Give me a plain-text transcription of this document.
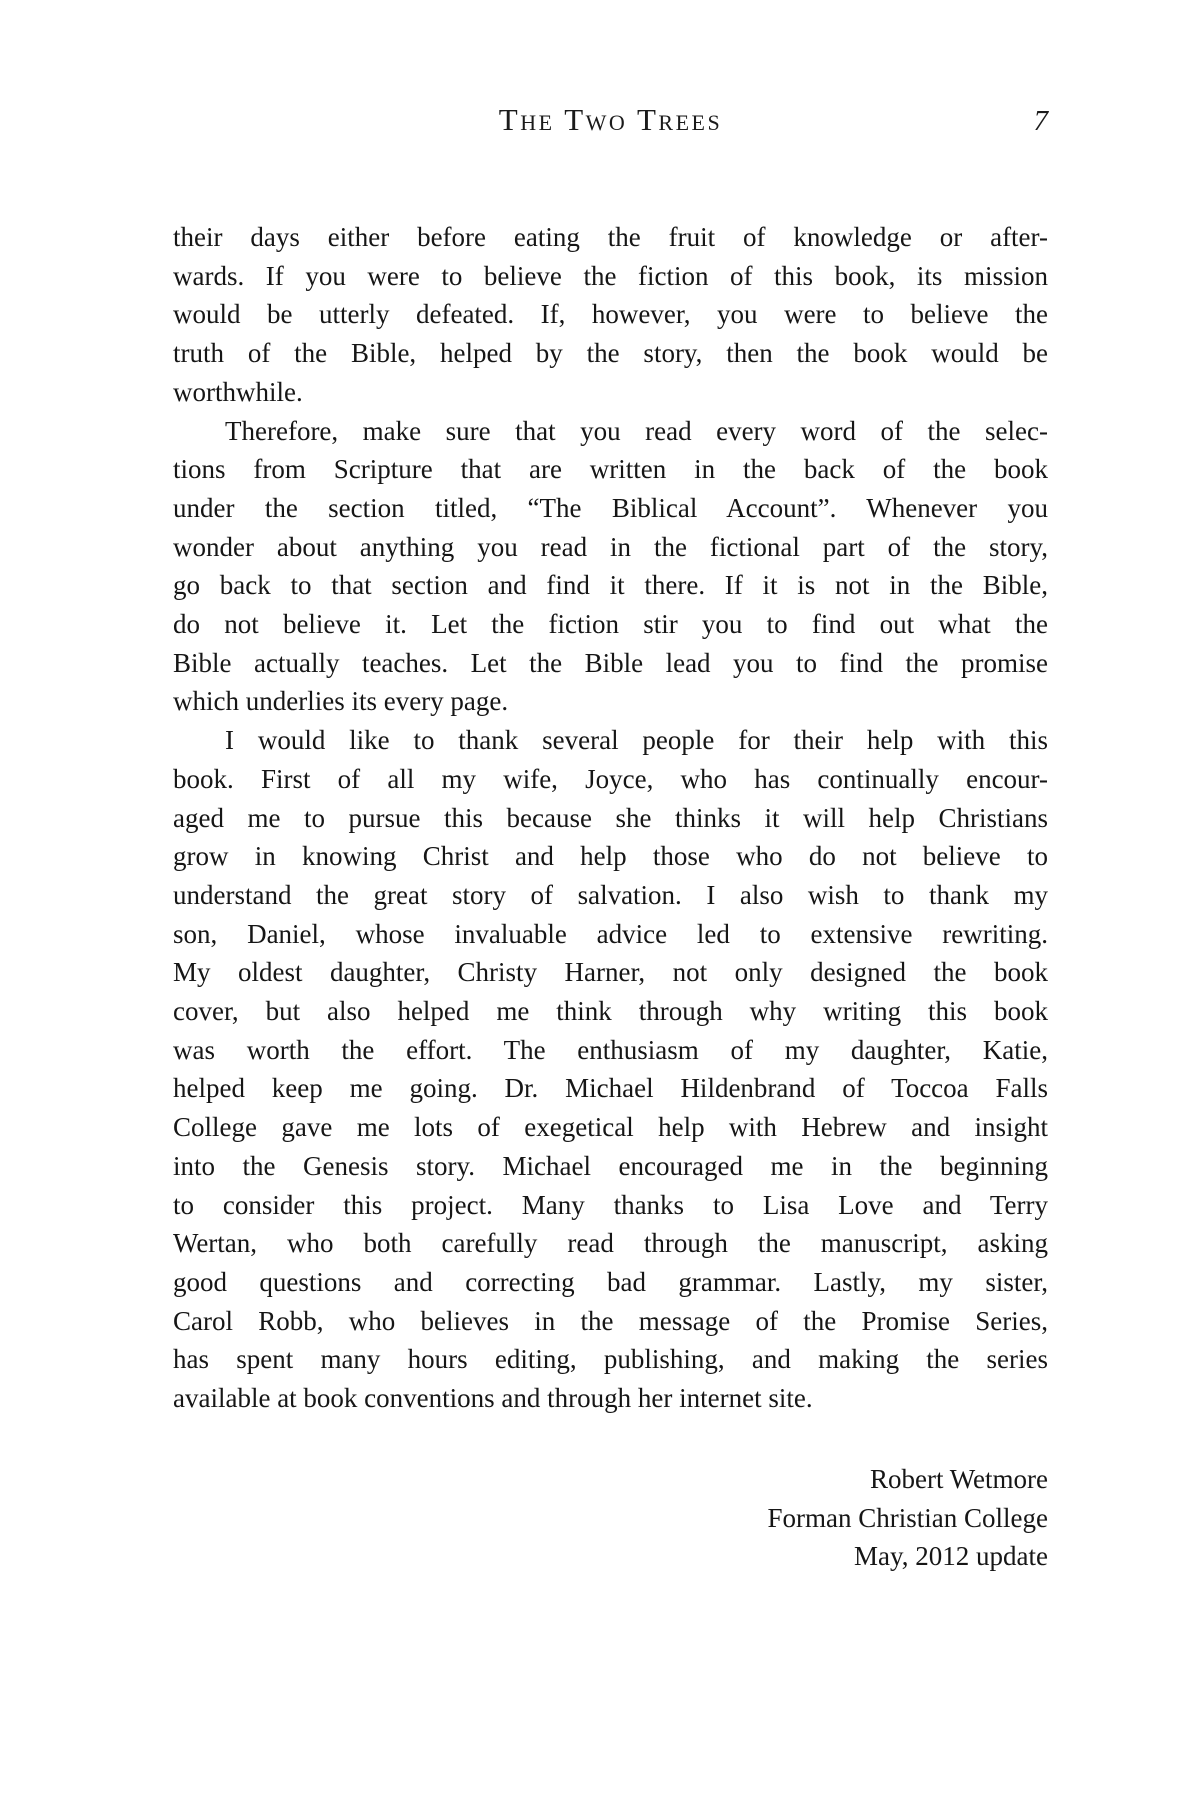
The Two Trees	7
their days either before eating the fruit of knowledge or after-
wards. If you were to believe the fiction of this book, its mission
would be utterly defeated. If, however, you were to believe the
truth of the Bible, helped by the story, then the book would be
worthwhile.
Therefore, make sure that you read every word of the selec-
tions from Scripture that are written in the back of the book
under the section titled, “The Biblical Account”. Whenever you
wonder about anything you read in the fictional part of the story,
go back to that section and find it there. If it is not in the Bible,
do not believe it. Let the fiction stir you to find out what the
Bible actually teaches. Let the Bible lead you to find the promise
which underlies its every page.
I would like to thank several people for their help with this
book. First of all my wife, Joyce, who has continually encour-
aged me to pursue this because she thinks it will help Christians
grow in knowing Christ and help those who do not believe to
understand the great story of salvation. I also wish to thank my
son, Daniel, whose invaluable advice led to extensive rewriting.
My oldest daughter, Christy Harner, not only designed the book
cover, but also helped me think through why writing this book
was worth the effort. The enthusiasm of my daughter, Katie,
helped keep me going. Dr. Michael Hildenbrand of Toccoa Falls
College gave me lots of exegetical help with Hebrew and insight
into the Genesis story. Michael encouraged me in the beginning
to consider this project. Many thanks to Lisa Love and Terry
Wertan, who both carefully read through the manuscript, asking
good questions and correcting bad grammar. Lastly, my sister,
Carol Robb, who believes in the message of the Promise Series,
has spent many hours editing, publishing, and making the series
available at book conventions and through her internet site.
Robert Wetmore
Forman Christian College
May, 2012 update
